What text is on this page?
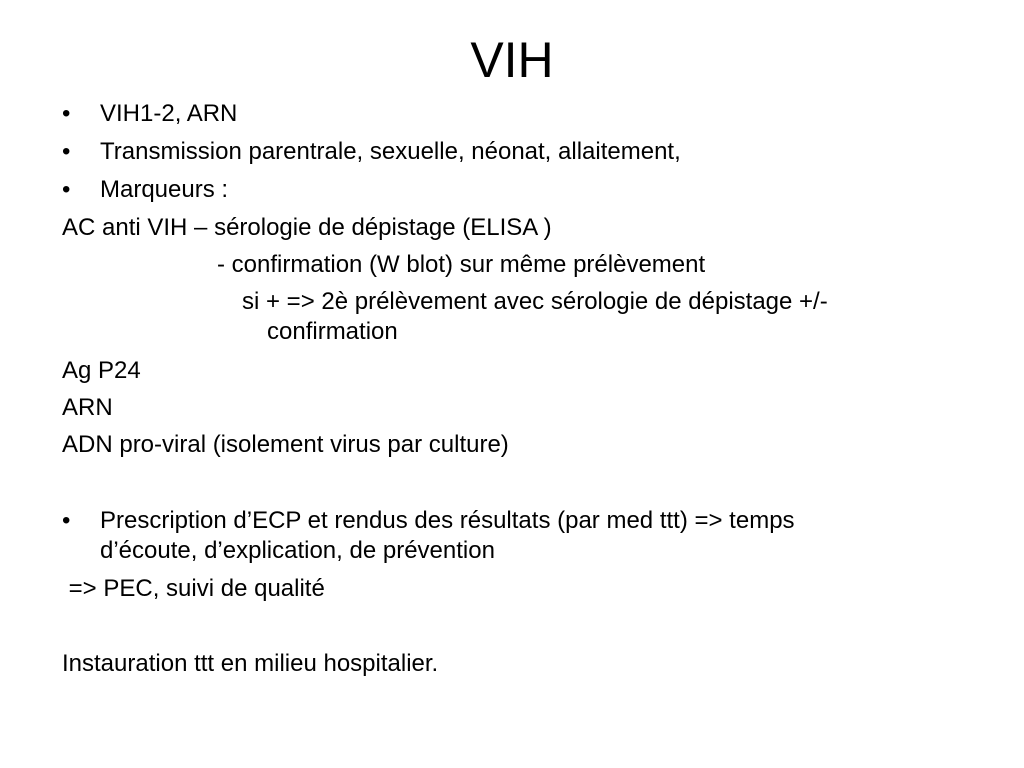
VIH
• VIH1-2, ARN
• Transmission parentrale, sexuelle, néonat, allaitement,
• Marqueurs :
AC anti VIH – sérologie de dépistage (ELISA )
- confirmation (W blot) sur même prélèvement
si + => 2è prélèvement avec sérologie de dépistage +/-
confirmation
Ag P24
ARN
ADN pro-viral (isolement virus par culture)
• Prescription d’ECP et rendus des résultats (par med ttt) => temps
d’écoute, d’explication, de prévention
=> PEC, suivi de qualité
Instauration ttt en milieu hospitalier.
